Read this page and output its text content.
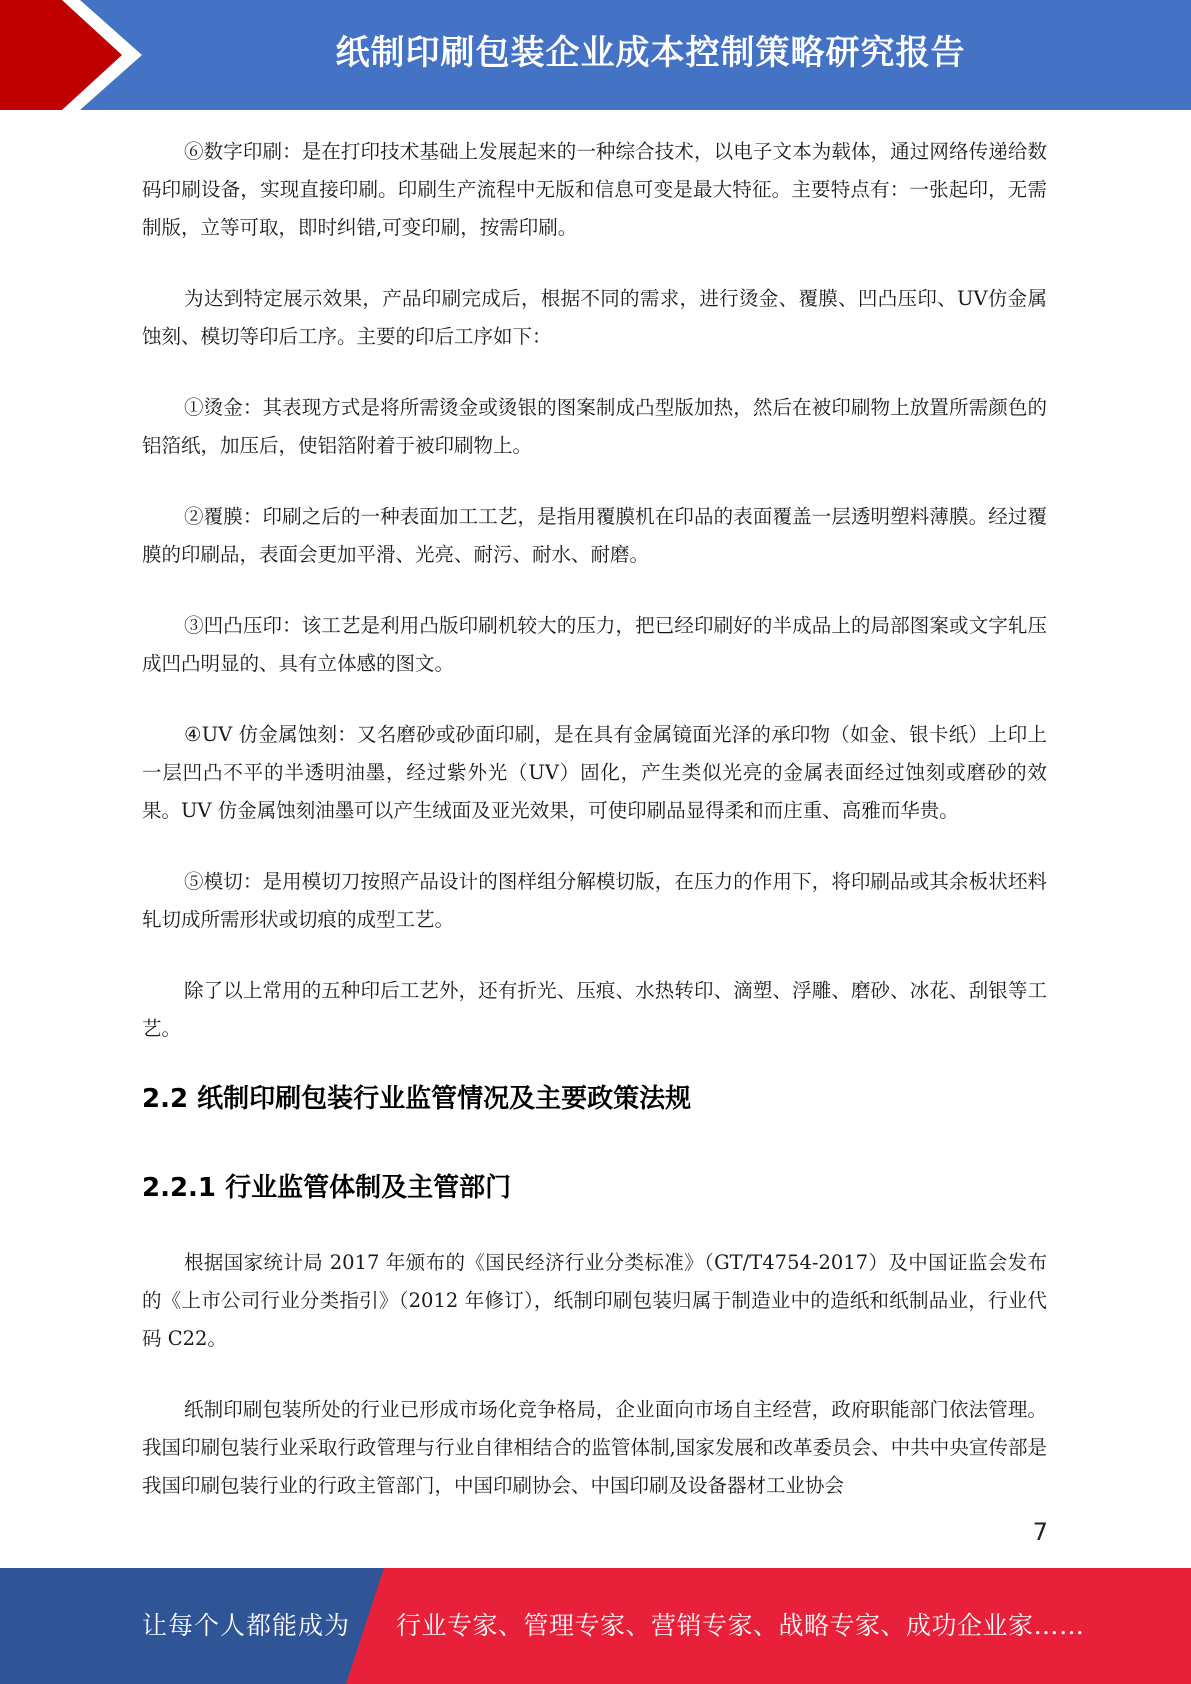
纸制印刷包装企业成本控制策略研究报告

⑥数字印刷：是在打印技术基础上发展起来的一种综合技术，以电子文本为载体，通过网络传递给数码印刷设备，实现直接印刷。印刷生产流程中无版和信息可变是最大特征。主要特点有：一张起印，无需制版，立等可取，即时纠错,可变印刷，按需印刷。

为达到特定展示效果，产品印刷完成后，根据不同的需求，进行烫金、覆膜、凹凸压印、UV仿金属蚀刻、模切等印后工序。主要的印后工序如下：

①烫金：其表现方式是将所需烫金或烫银的图案制成凸型版加热，然后在被印刷物上放置所需颜色的铝箔纸，加压后，使铝箔附着于被印刷物上。

②覆膜：印刷之后的一种表面加工工艺，是指用覆膜机在印品的表面覆盖一层透明塑料薄膜。经过覆膜的印刷品，表面会更加平滑、光亮、耐污、耐水、耐磨。

③凹凸压印：该工艺是利用凸版印刷机较大的压力，把已经印刷好的半成品上的局部图案或文字轧压成凹凸明显的、具有立体感的图文。

④UV 仿金属蚀刻：又名磨砂或砂面印刷，是在具有金属镜面光泽的承印物（如金、银卡纸）上印上一层凹凸不平的半透明油墨，经过紫外光（UV）固化，产生类似光亮的金属表面经过蚀刻或磨砂的效果。UV 仿金属蚀刻油墨可以产生绒面及亚光效果，可使印刷品显得柔和而庄重、高雅而华贵。

⑤模切：是用模切刀按照产品设计的图样组分解模切版，在压力的作用下，将印刷品或其余板状坯料轧切成所需形状或切痕的成型工艺。

除了以上常用的五种印后工艺外，还有折光、压痕、水热转印、滴塑、浮雕、磨砂、冰花、刮银等工艺。

2.2 纸制印刷包装行业监管情况及主要政策法规
2.2.1 行业监管体制及主管部门

根据国家统计局 2017 年颁布的《国民经济行业分类标准》（GT/T4754-2017）及中国证监会发布的《上市公司行业分类指引》（2012 年修订），纸制印刷包装归属于制造业中的造纸和纸制品业，行业代码 C22。

纸制印刷包装所处的行业已形成市场化竞争格局，企业面向市场自主经营，政府职能部门依法管理。我国印刷包装行业采取行政管理与行业自律相结合的监管体制,国家发展和改革委员会、中共中央宣传部是我国印刷包装行业的行政主管部门，中国印刷协会、中国印刷及设备器材工业协会

7
让每个人都能成为 行业专家、管理专家、营销专家、战略专家、成功企业家……
